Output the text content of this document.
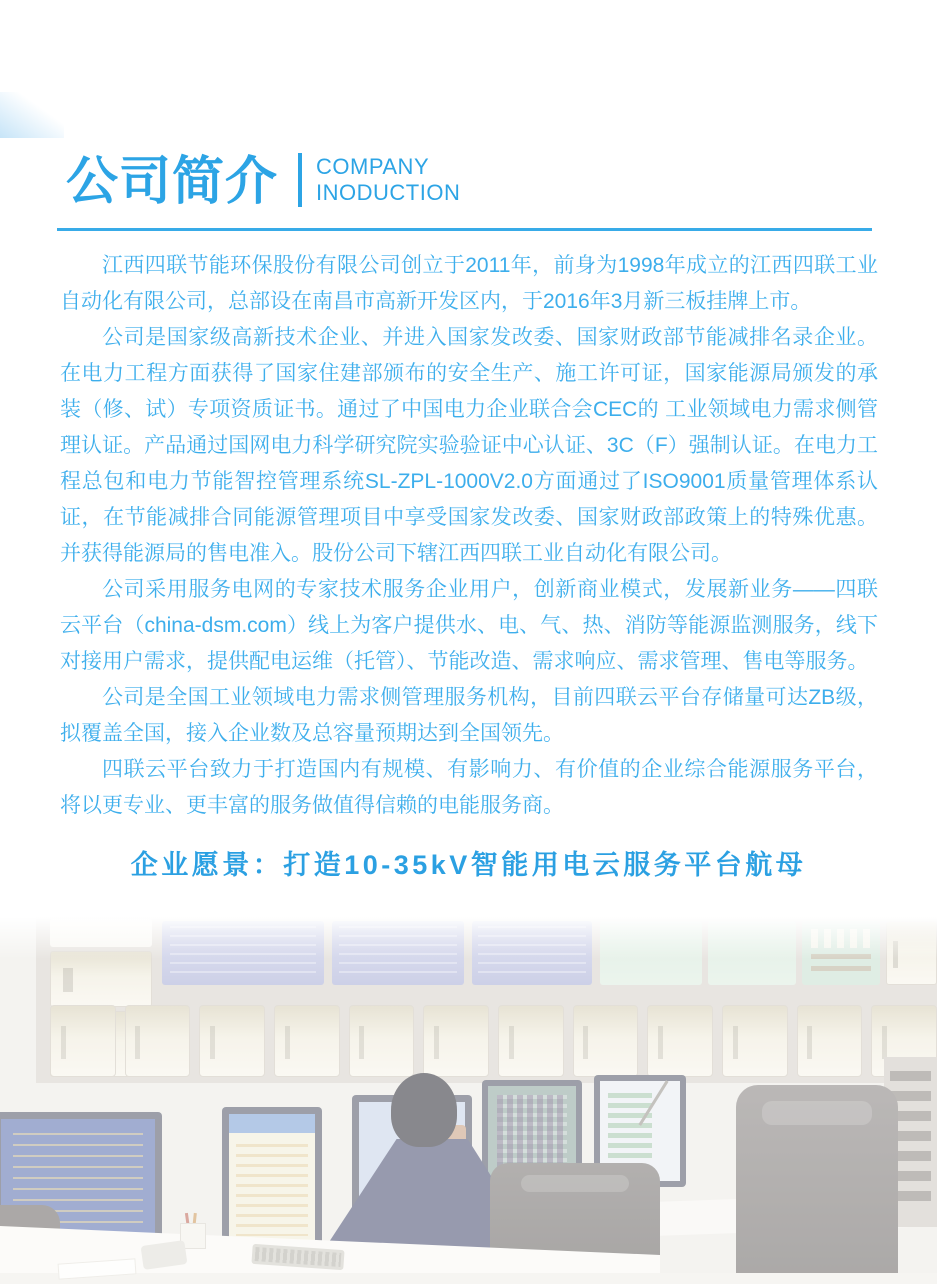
公司简介 COMPANY
INODUCTION

江西四联节能环保股份有限公司创立于2011年，前身为1998年成立的江西四联工业自动化有限公司，总部设在南昌市高新开发区内，于2016年3月新三板挂牌上市。

公司是国家级高新技术企业、并进入国家发改委、国家财政部节能减排名录企业。在电力工程方面获得了国家住建部颁布的安全生产、施工许可证，国家能源局颁发的承装（修、试）专项资质证书。通过了中国电力企业联合会CEC的 工业领域电力需求侧管理认证。产品通过国网电力科学研究院实验验证中心认证、3C（F）强制认证。在电力工程总包和电力节能智控管理系统SL-ZPL-1000V2.0方面通过了ISO9001质量管理体系认证，在节能减排合同能源管理项目中享受国家发改委、国家财政部政策上的特殊优惠。并获得能源局的售电准入。股份公司下辖江西四联工业自动化有限公司。

公司采用服务电网的专家技术服务企业用户，创新商业模式，发展新业务——四联云平台（china-dsm.com）线上为客户提供水、电、气、热、消防等能源监测服务，线下对接用户需求，提供配电运维（托管）、节能改造、需求响应、需求管理、售电等服务。

公司是全国工业领域电力需求侧管理服务机构，目前四联云平台存储量可达ZB级，拟覆盖全国，接入企业数及总容量预期达到全国领先。

四联云平台致力于打造国内有规模、有影响力、有价值的企业综合能源服务平台，将以更专业、更丰富的服务做值得信赖的电能服务商。

企业愿景：打造10-35kV智能用电云服务平台航母
